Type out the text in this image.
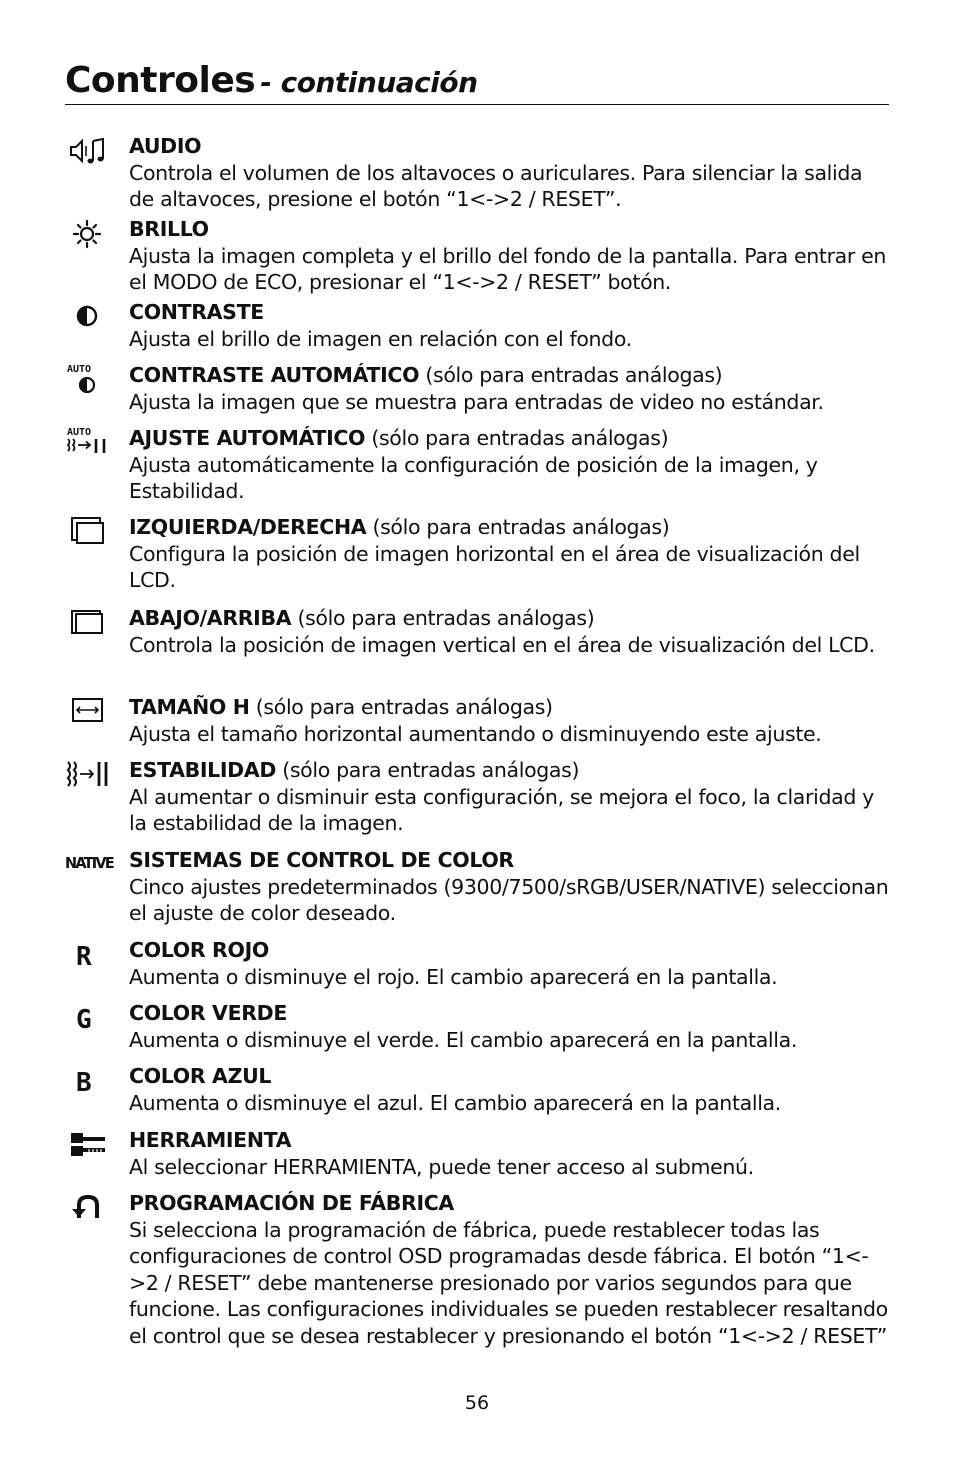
Controles - continuación
AUDIO
Controla el volumen de los altavoces o auriculares. Para silenciar la salida de altavoces, presione el botón “1<->2 / RESET”.
BRILLO
Ajusta la imagen completa y el brillo del fondo de la pantalla. Para entrar en el MODO de ECO, presionar el “1<->2 / RESET” botón.
CONTRASTE
Ajusta el brillo de imagen en relación con el fondo.
AUTO CONTRASTE AUTOMÁTICO (sólo para entradas análogas)
Ajusta la imagen que se muestra para entradas de video no estándar.
AUTO AJUSTE AUTOMÁTICO (sólo para entradas análogas)
Ajusta automáticamente la configuración de posición de la imagen, y Estabilidad.
IZQUIERDA/DERECHA (sólo para entradas análogas)
Configura la posición de imagen horizontal en el área de visualización del LCD.
ABAJO/ARRIBA (sólo para entradas análogas)
Controla la posición de imagen vertical en el área de visualización del LCD.
TAMAÑO H (sólo para entradas análogas)
Ajusta el tamaño horizontal aumentando o disminuyendo este ajuste.
ESTABILIDAD (sólo para entradas análogas)
Al aumentar o disminuir esta configuración, se mejora el foco, la claridad y la estabilidad de la imagen.
NATIVE SISTEMAS DE CONTROL DE COLOR
Cinco ajustes predeterminados (9300/7500/sRGB/USER/NATIVE) seleccionan el ajuste de color deseado.
R COLOR ROJO
Aumenta o disminuye el rojo. El cambio aparecerá en la pantalla.
G COLOR VERDE
Aumenta o disminuye el verde. El cambio aparecerá en la pantalla.
B COLOR AZUL
Aumenta o disminuye el azul. El cambio aparecerá en la pantalla.
HERRAMIENTA
Al seleccionar HERRAMIENTA, puede tener acceso al submenú.
PROGRAMACIÓN DE FÁBRICA
Si selecciona la programación de fábrica, puede restablecer todas las configuraciones de control OSD programadas desde fábrica. El botón “1<->2 / RESET” debe mantenerse presionado por varios segundos para que funcione. Las configuraciones individuales se pueden restablecer resaltando el control que se desea restablecer y presionando el botón “1<->2 / RESET”
56
